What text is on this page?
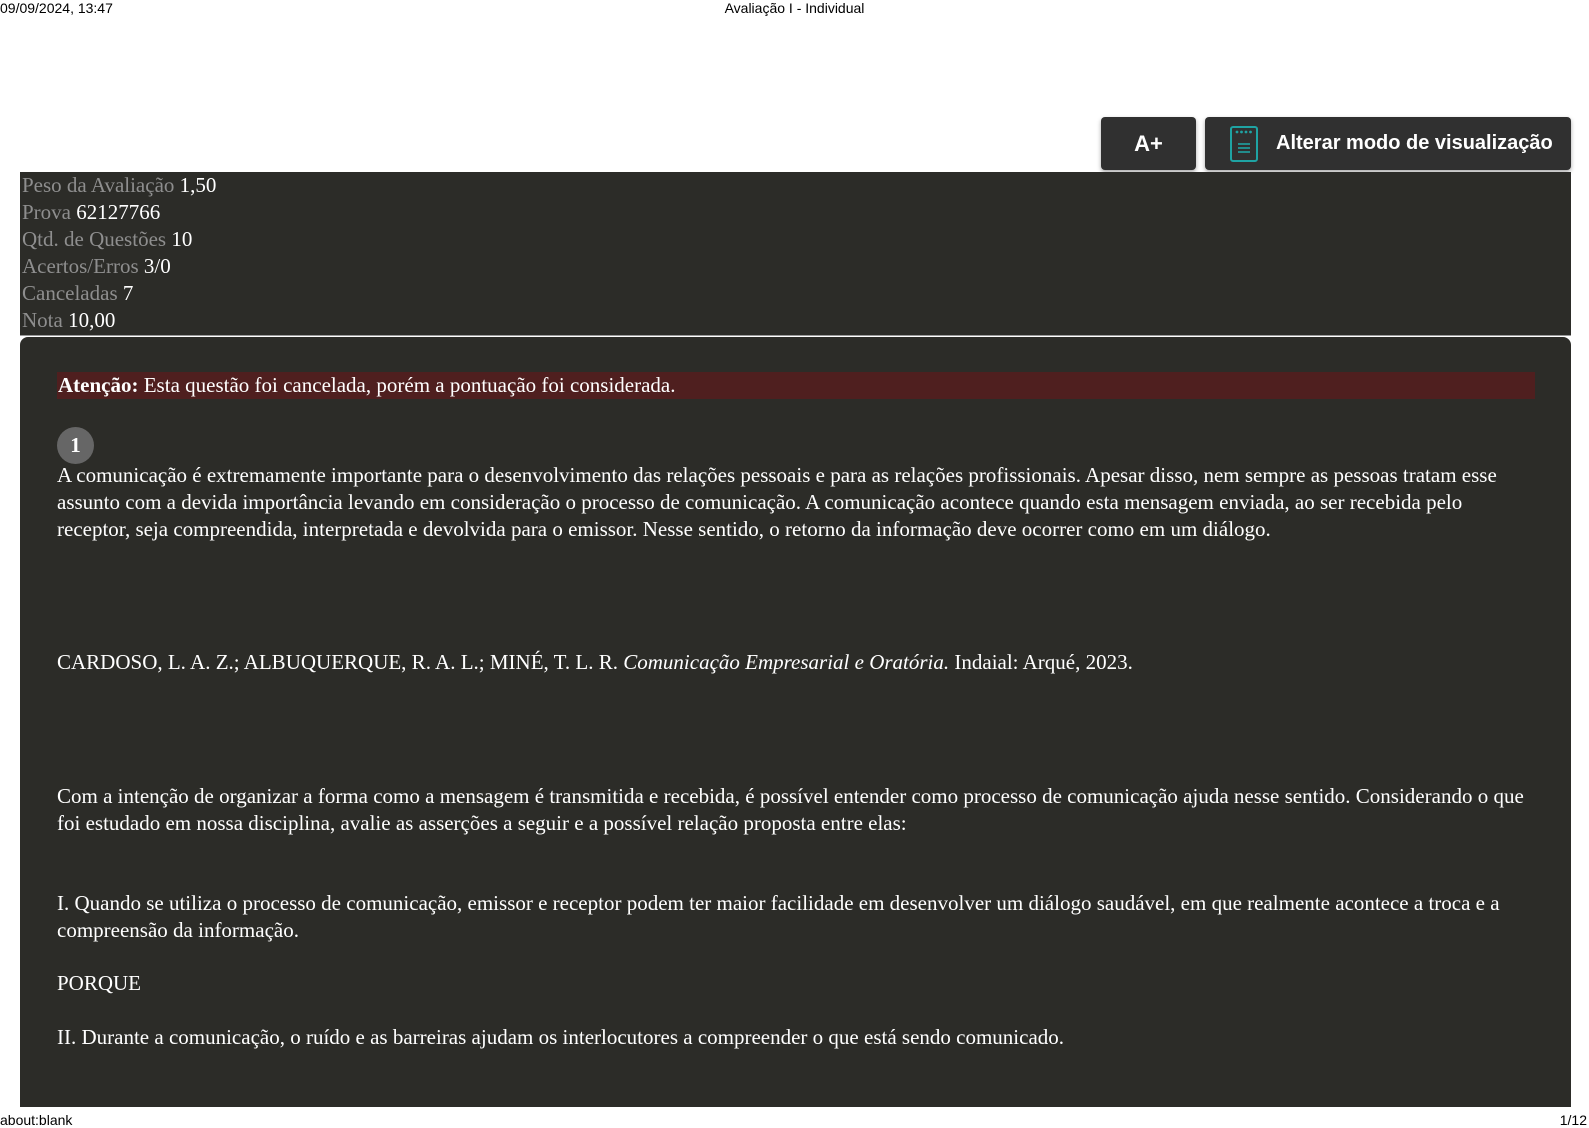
09/09/2024, 13:47	Avaliação I - Individual
A+	Alterar modo de visualização
Peso da Avaliação 1,50
Prova 62127766
Qtd. de Questões 10
Acertos/Erros 3/0
Canceladas 7
Nota 10,00
Atenção: Esta questão foi cancelada, porém a pontuação foi considerada.
1

A comunicação é extremamente importante para o desenvolvimento das relações pessoais e para as relações profissionais. Apesar disso, nem sempre as pessoas tratam esse assunto com a devida importância levando em consideração o processo de comunicação. A comunicação acontece quando esta mensagem enviada, ao ser recebida pelo receptor, seja compreendida, interpretada e devolvida para o emissor. Nesse sentido, o retorno da informação deve ocorrer como em um diálogo.

CARDOSO, L. A. Z.; ALBUQUERQUE, R. A. L.; MINÉ, T. L. R. Comunicação Empresarial e Oratória. Indaial: Arqué, 2023.

Com a intenção de organizar a forma como a mensagem é transmitida e recebida, é possível entender como processo de comunicação ajuda nesse sentido. Considerando o que foi estudado em nossa disciplina, avalie as asserções a seguir e a possível relação proposta entre elas:

I. Quando se utiliza o processo de comunicação, emissor e receptor podem ter maior facilidade em desenvolver um diálogo saudável, em que realmente acontece a troca e a compreensão da informação.

PORQUE

II. Durante a comunicação, o ruído e as barreiras ajudam os interlocutores a compreender o que está sendo comunicado.

about:blank	1/12
